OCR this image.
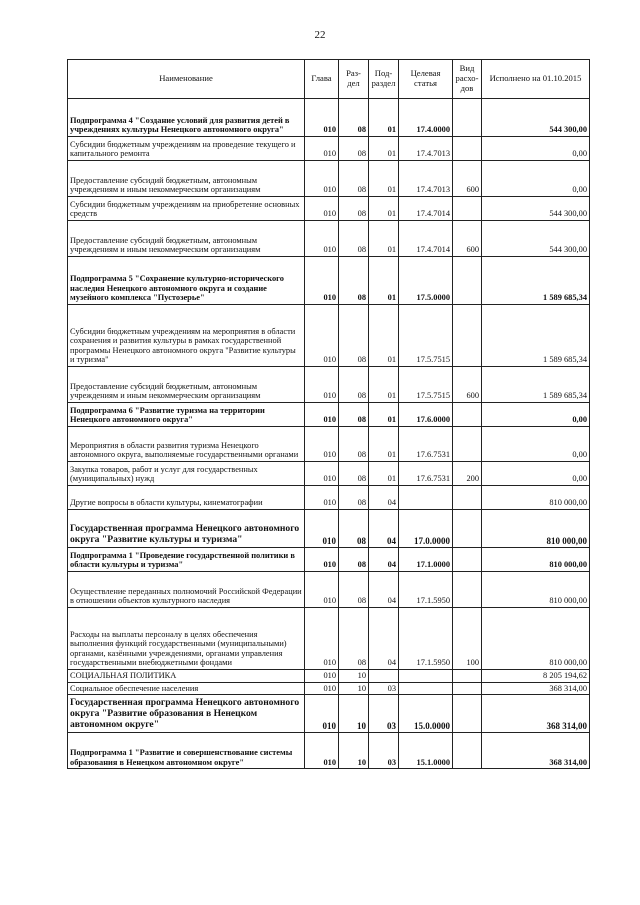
22
Наименование	Глава	Раз-дел	Под-раздел	Целевая статья	Вид расхо-дов	Исполнено на 01.10.2015
Подпрограмма 4 "Создание условий для развития детей в учреждениях культуры Ненецкого автономного округа"	010	08	01	17.4.0000		544 300,00
Субсидии бюджетным учреждениям на проведение текущего и капитального ремонта	010	08	01	17.4.7013		0,00
Предоставление субсидий бюджетным, автономным учреждениям и иным некоммерческим организациям	010	08	01	17.4.7013	600	0,00
Субсидии бюджетным учреждениям на приобретение основных средств	010	08	01	17.4.7014		544 300,00
Предоставление субсидий бюджетным, автономным учреждениям и иным некоммерческим организациям	010	08	01	17.4.7014	600	544 300,00
Подпрограмма 5 "Сохранение культурно-исторического наследия Ненецкого автономного округа и создание музейного комплекса "Пустозерье"	010	08	01	17.5.0000		1 589 685,34
Субсидии бюджетным учреждениям на мероприятия в области сохранения и развития культуры в рамках государственной программы Ненецкого автономного округа "Развитие культуры и туризма"	010	08	01	17.5.7515		1 589 685,34
Предоставление субсидий бюджетным, автономным учреждениям и иным некоммерческим организациям	010	08	01	17.5.7515	600	1 589 685,34
Подпрограмма 6 "Развитие туризма на территории Ненецкого автономного округа"	010	08	01	17.6.0000		0,00
Мероприятия в области развития туризма Ненецкого автономного округа, выполняемые государственными органами	010	08	01	17.6.7531		0,00
Закупка товаров, работ и услуг для государственных (муниципальных) нужд	010	08	01	17.6.7531	200	0,00
Другие вопросы в области культуры, кинематографии	010	08	04			810 000,00
Государственная программа Ненецкого автономного округа "Развитие культуры и туризма"	010	08	04	17.0.0000		810 000,00
Подпрограмма 1 "Проведение государственной политики в области культуры и туризма"	010	08	04	17.1.0000		810 000,00
Осуществление переданных полномочий Российской Федерации в отношении объектов культурного наследия	010	08	04	17.1.5950		810 000,00
Расходы на выплаты персоналу в целях обеспечения выполнения функций государственными (муниципальными) органами, казёнными учреждениями, органами управления государственными внебюджетными фондами	010	08	04	17.1.5950	100	810 000,00
СОЦИАЛЬНАЯ ПОЛИТИКА	010	10				8 205 194,62
Социальное обеспечение населения	010	10	03			368 314,00
Государственная программа Ненецкого автономного округа "Развитие образования в Ненецком автономном округе"	010	10	03	15.0.0000		368 314,00
Подпрограмма 1 "Развитие и совершенствование системы образования в Ненецком автономном округе"	010	10	03	15.1.0000		368 314,00
